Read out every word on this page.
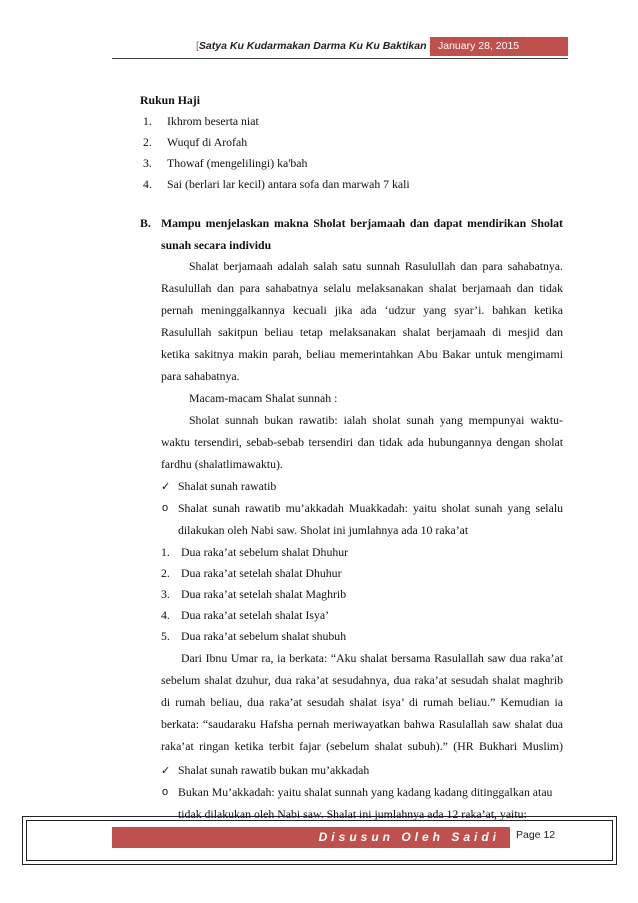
[Satya Ku Kudarmakan Darma Ku Ku Baktikan	January 28, 2015
Rukun Haji
1.	Ikhrom beserta niat
2.	Wuquf di Arofah
3.	Thowaf (mengelilingi) ka'bah
4.	Sai (berlari lar kecil) antara sofa dan marwah 7 kali
B. Mampu menjelaskan makna Sholat berjamaah dan dapat mendirikan Sholat
sunah secara individu
Shalat berjamaah adalah salah satu sunnah Rasulullah dan para sahabatnya.
Rasulullah dan para sahabatnya selalu melaksanakan shalat berjamaah dan tidak
pernah meninggalkannya kecuali jika ada ‘udzur yang syar’i. bahkan ketika
Rasulullah sakitpun beliau tetap melaksanakan shalat berjamaah di mesjid dan
ketika sakitnya makin parah, beliau memerintahkan Abu Bakar untuk mengimami
para sahabatnya.
Macam-macam Shalat sunnah :
Sholat sunnah bukan rawatib: ialah sholat sunah yang mempunyai waktu-
waktu tersendiri, sebab-sebab tersendiri dan tidak ada hubungannya dengan sholat
fardhu (shalatlimawaktu).
✓ Shalat sunah rawatib
o Shalat sunah rawatib mu’akkadah Muakkadah: yaitu sholat sunah yang selalu
dilakukan oleh Nabi saw. Sholat ini jumlahnya ada 10 raka’at
1. Dua raka’at sebelum shalat Dhuhur
2. Dua raka’at setelah shalat Dhuhur
3. Dua raka’at setelah shalat Maghrib
4. Dua raka’at setelah shalat Isya’
5. Dua raka’at sebelum shalat shubuh
Dari Ibnu Umar ra, ia berkata: “Aku shalat bersama Rasulallah saw dua raka’at
sebelum shalat dzuhur, dua raka’at sesudahnya, dua raka’at sesudah shalat maghrib
di rumah beliau, dua raka’at sesudah shalat isya’ di rumah beliau.” Kemudian ia
berkata: “saudaraku Hafsha pernah meriwayatkan bahwa Rasulallah saw shalat dua
raka’at ringan ketika terbit fajar (sebelum shalat subuh).” (HR Bukhari Muslim)
✓ Shalat sunah rawatib bukan mu’akkadah
o Bukan Mu’akkadah: yaitu shalat sunnah yang kadang kadang ditinggalkan atau
tidak dilakukan oleh Nabi saw. Shalat ini jumlahnya ada 12 raka’at, yaitu:
Disusun Oleh Saidi	Page 12
